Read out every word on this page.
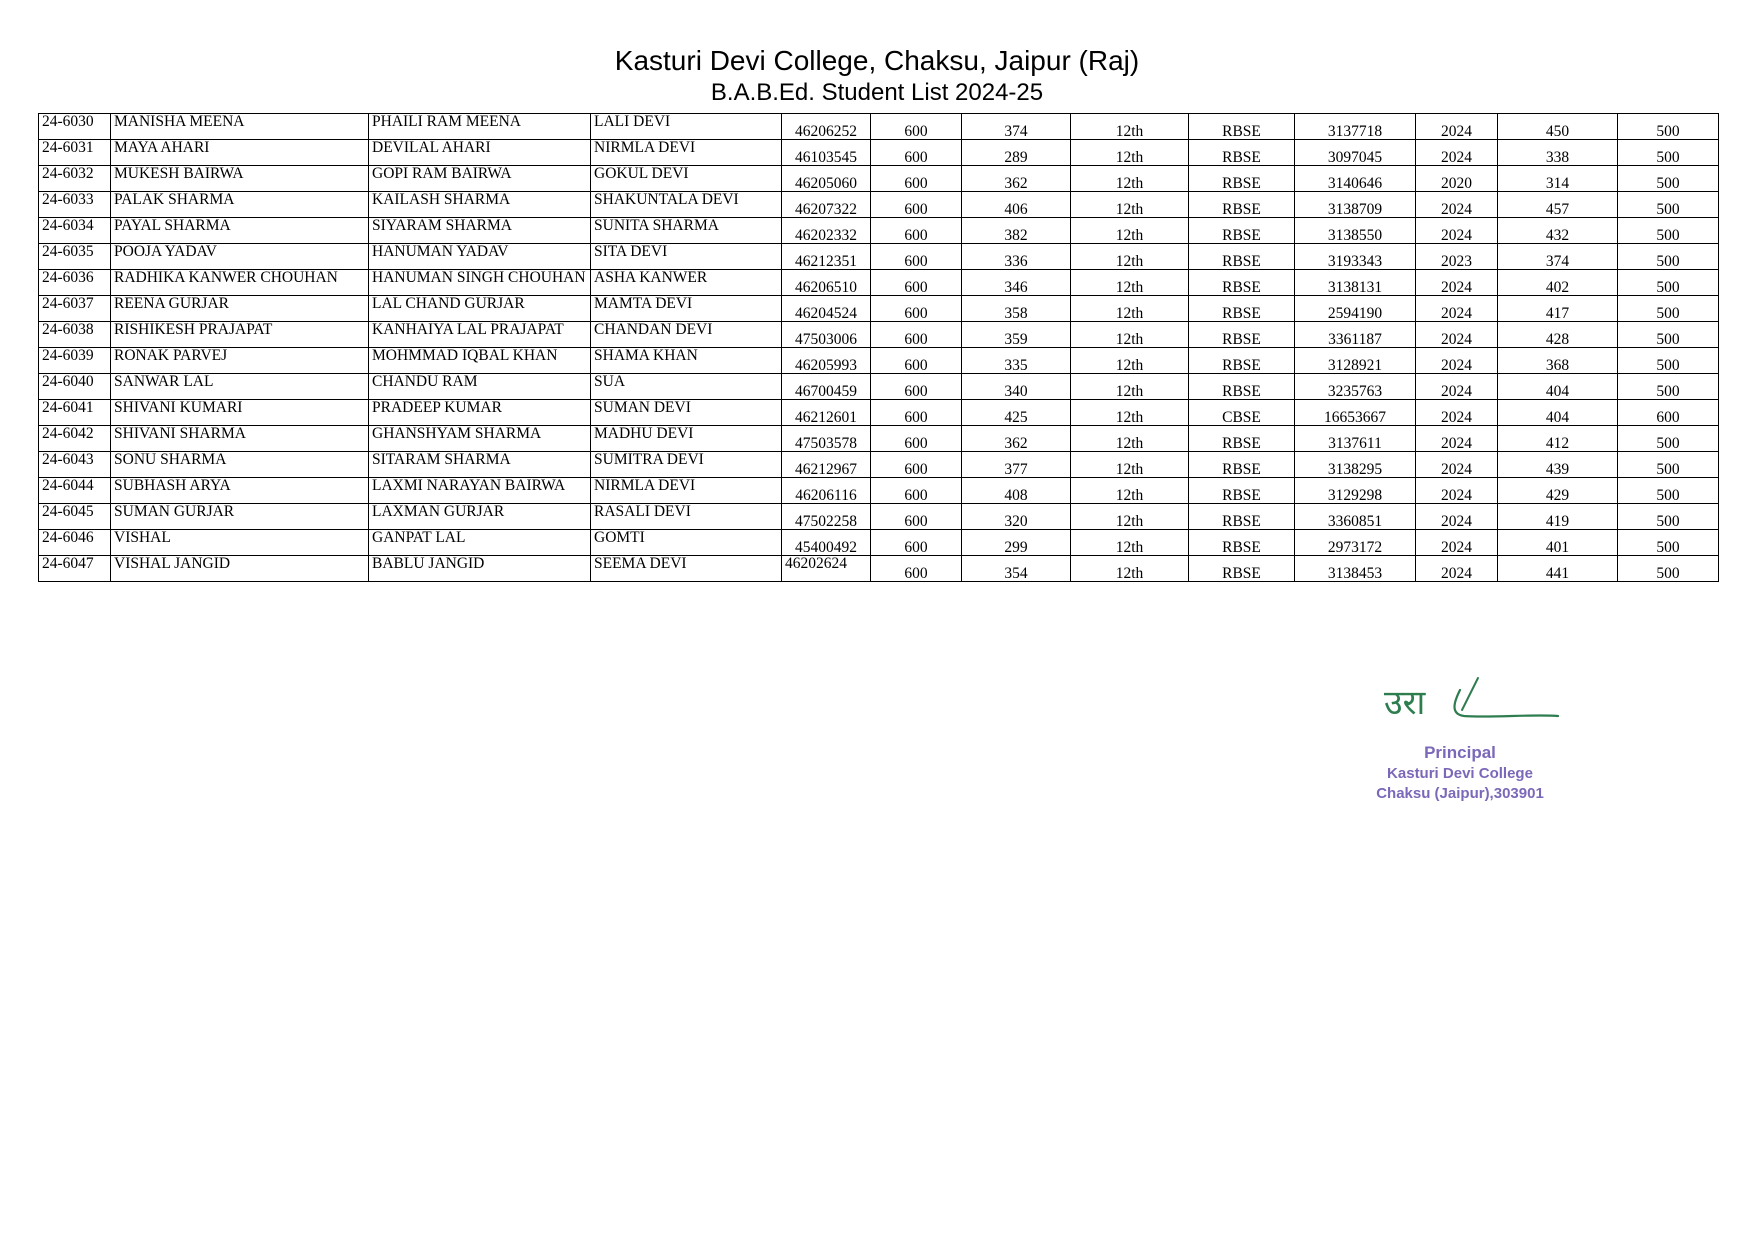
Kasturi Devi College, Chaksu, Jaipur (Raj)
B.A.B.Ed. Student List 2024-25
24-6030	MANISHA MEENA	PHAILI RAM MEENA	LALI DEVI	46206252	600	374	12th	RBSE	3137718	2024	450	500
24-6031	MAYA AHARI	DEVILAL AHARI	NIRMLA DEVI	46103545	600	289	12th	RBSE	3097045	2024	338	500
24-6032	MUKESH BAIRWA	GOPI RAM BAIRWA	GOKUL DEVI	46205060	600	362	12th	RBSE	3140646	2020	314	500
24-6033	PALAK SHARMA	KAILASH SHARMA	SHAKUNTALA DEVI	46207322	600	406	12th	RBSE	3138709	2024	457	500
24-6034	PAYAL SHARMA	SIYARAM SHARMA	SUNITA SHARMA	46202332	600	382	12th	RBSE	3138550	2024	432	500
24-6035	POOJA YADAV	HANUMAN YADAV	SITA DEVI	46212351	600	336	12th	RBSE	3193343	2023	374	500
24-6036	RADHIKA KANWER CHOUHAN	HANUMAN SINGH CHOUHAN	ASHA KANWER	46206510	600	346	12th	RBSE	3138131	2024	402	500
24-6037	REENA GURJAR	LAL CHAND GURJAR	MAMTA DEVI	46204524	600	358	12th	RBSE	2594190	2024	417	500
24-6038	RISHIKESH PRAJAPAT	KANHAIYA LAL PRAJAPAT	CHANDAN DEVI	47503006	600	359	12th	RBSE	3361187	2024	428	500
24-6039	RONAK PARVEJ	MOHMMAD IQBAL KHAN	SHAMA KHAN	46205993	600	335	12th	RBSE	3128921	2024	368	500
24-6040	SANWAR LAL	CHANDU RAM	SUA	46700459	600	340	12th	RBSE	3235763	2024	404	500
24-6041	SHIVANI KUMARI	PRADEEP KUMAR	SUMAN DEVI	46212601	600	425	12th	CBSE	16653667	2024	404	600
24-6042	SHIVANI SHARMA	GHANSHYAM SHARMA	MADHU DEVI	47503578	600	362	12th	RBSE	3137611	2024	412	500
24-6043	SONU SHARMA	SITARAM SHARMA	SUMITRA DEVI	46212967	600	377	12th	RBSE	3138295	2024	439	500
24-6044	SUBHASH ARYA	LAXMI NARAYAN BAIRWA	NIRMLA DEVI	46206116	600	408	12th	RBSE	3129298	2024	429	500
24-6045	SUMAN GURJAR	LAXMAN GURJAR	RASALI DEVI	47502258	600	320	12th	RBSE	3360851	2024	419	500
24-6046	VISHAL	GANPAT LAL	GOMTI	45400492	600	299	12th	RBSE	2973172	2024	401	500
24-6047	VISHAL JANGID	BABLU JANGID	SEEMA DEVI	46202624	600	354	12th	RBSE	3138453	2024	441	500
उरा
Principal
Kasturi Devi College
Chaksu (Jaipur),303901
